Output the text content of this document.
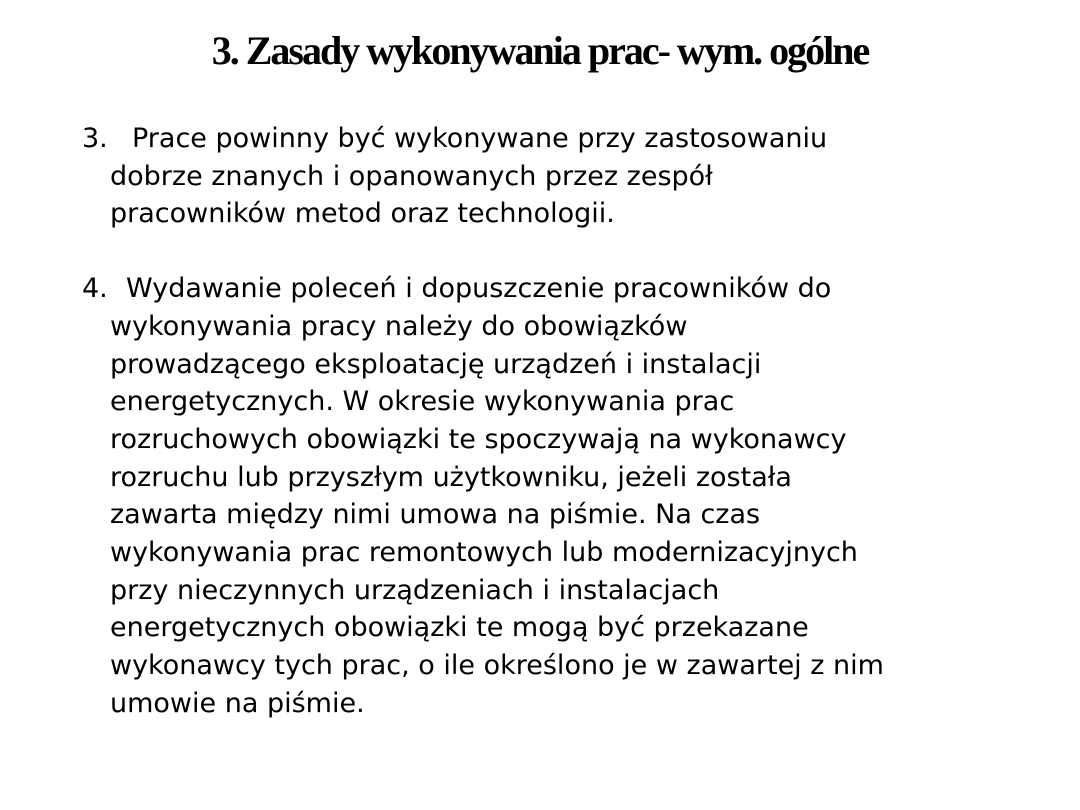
3. Zasady wykonywania prac- wym. ogólne
3. Prace powinny być wykonywane przy zastosowaniu
dobrze znanych i opanowanych przez zespół
pracowników metod oraz technologii.
4. Wydawanie poleceń i dopuszczenie pracowników do
wykonywania pracy należy do obowiązków
prowadzącego eksploatację urządzeń i instalacji
energetycznych. W okresie wykonywania prac
rozruchowych obowiązki te spoczywają na wykonawcy
rozruchu lub przyszłym użytkowniku, jeżeli została
zawarta między nimi umowa na piśmie. Na czas
wykonywania prac remontowych lub modernizacyjnych
przy nieczynnych urządzeniach i instalacjach
energetycznych obowiązki te mogą być przekazane
wykonawcy tych prac, o ile określono je w zawartej z nim
umowie na piśmie.
